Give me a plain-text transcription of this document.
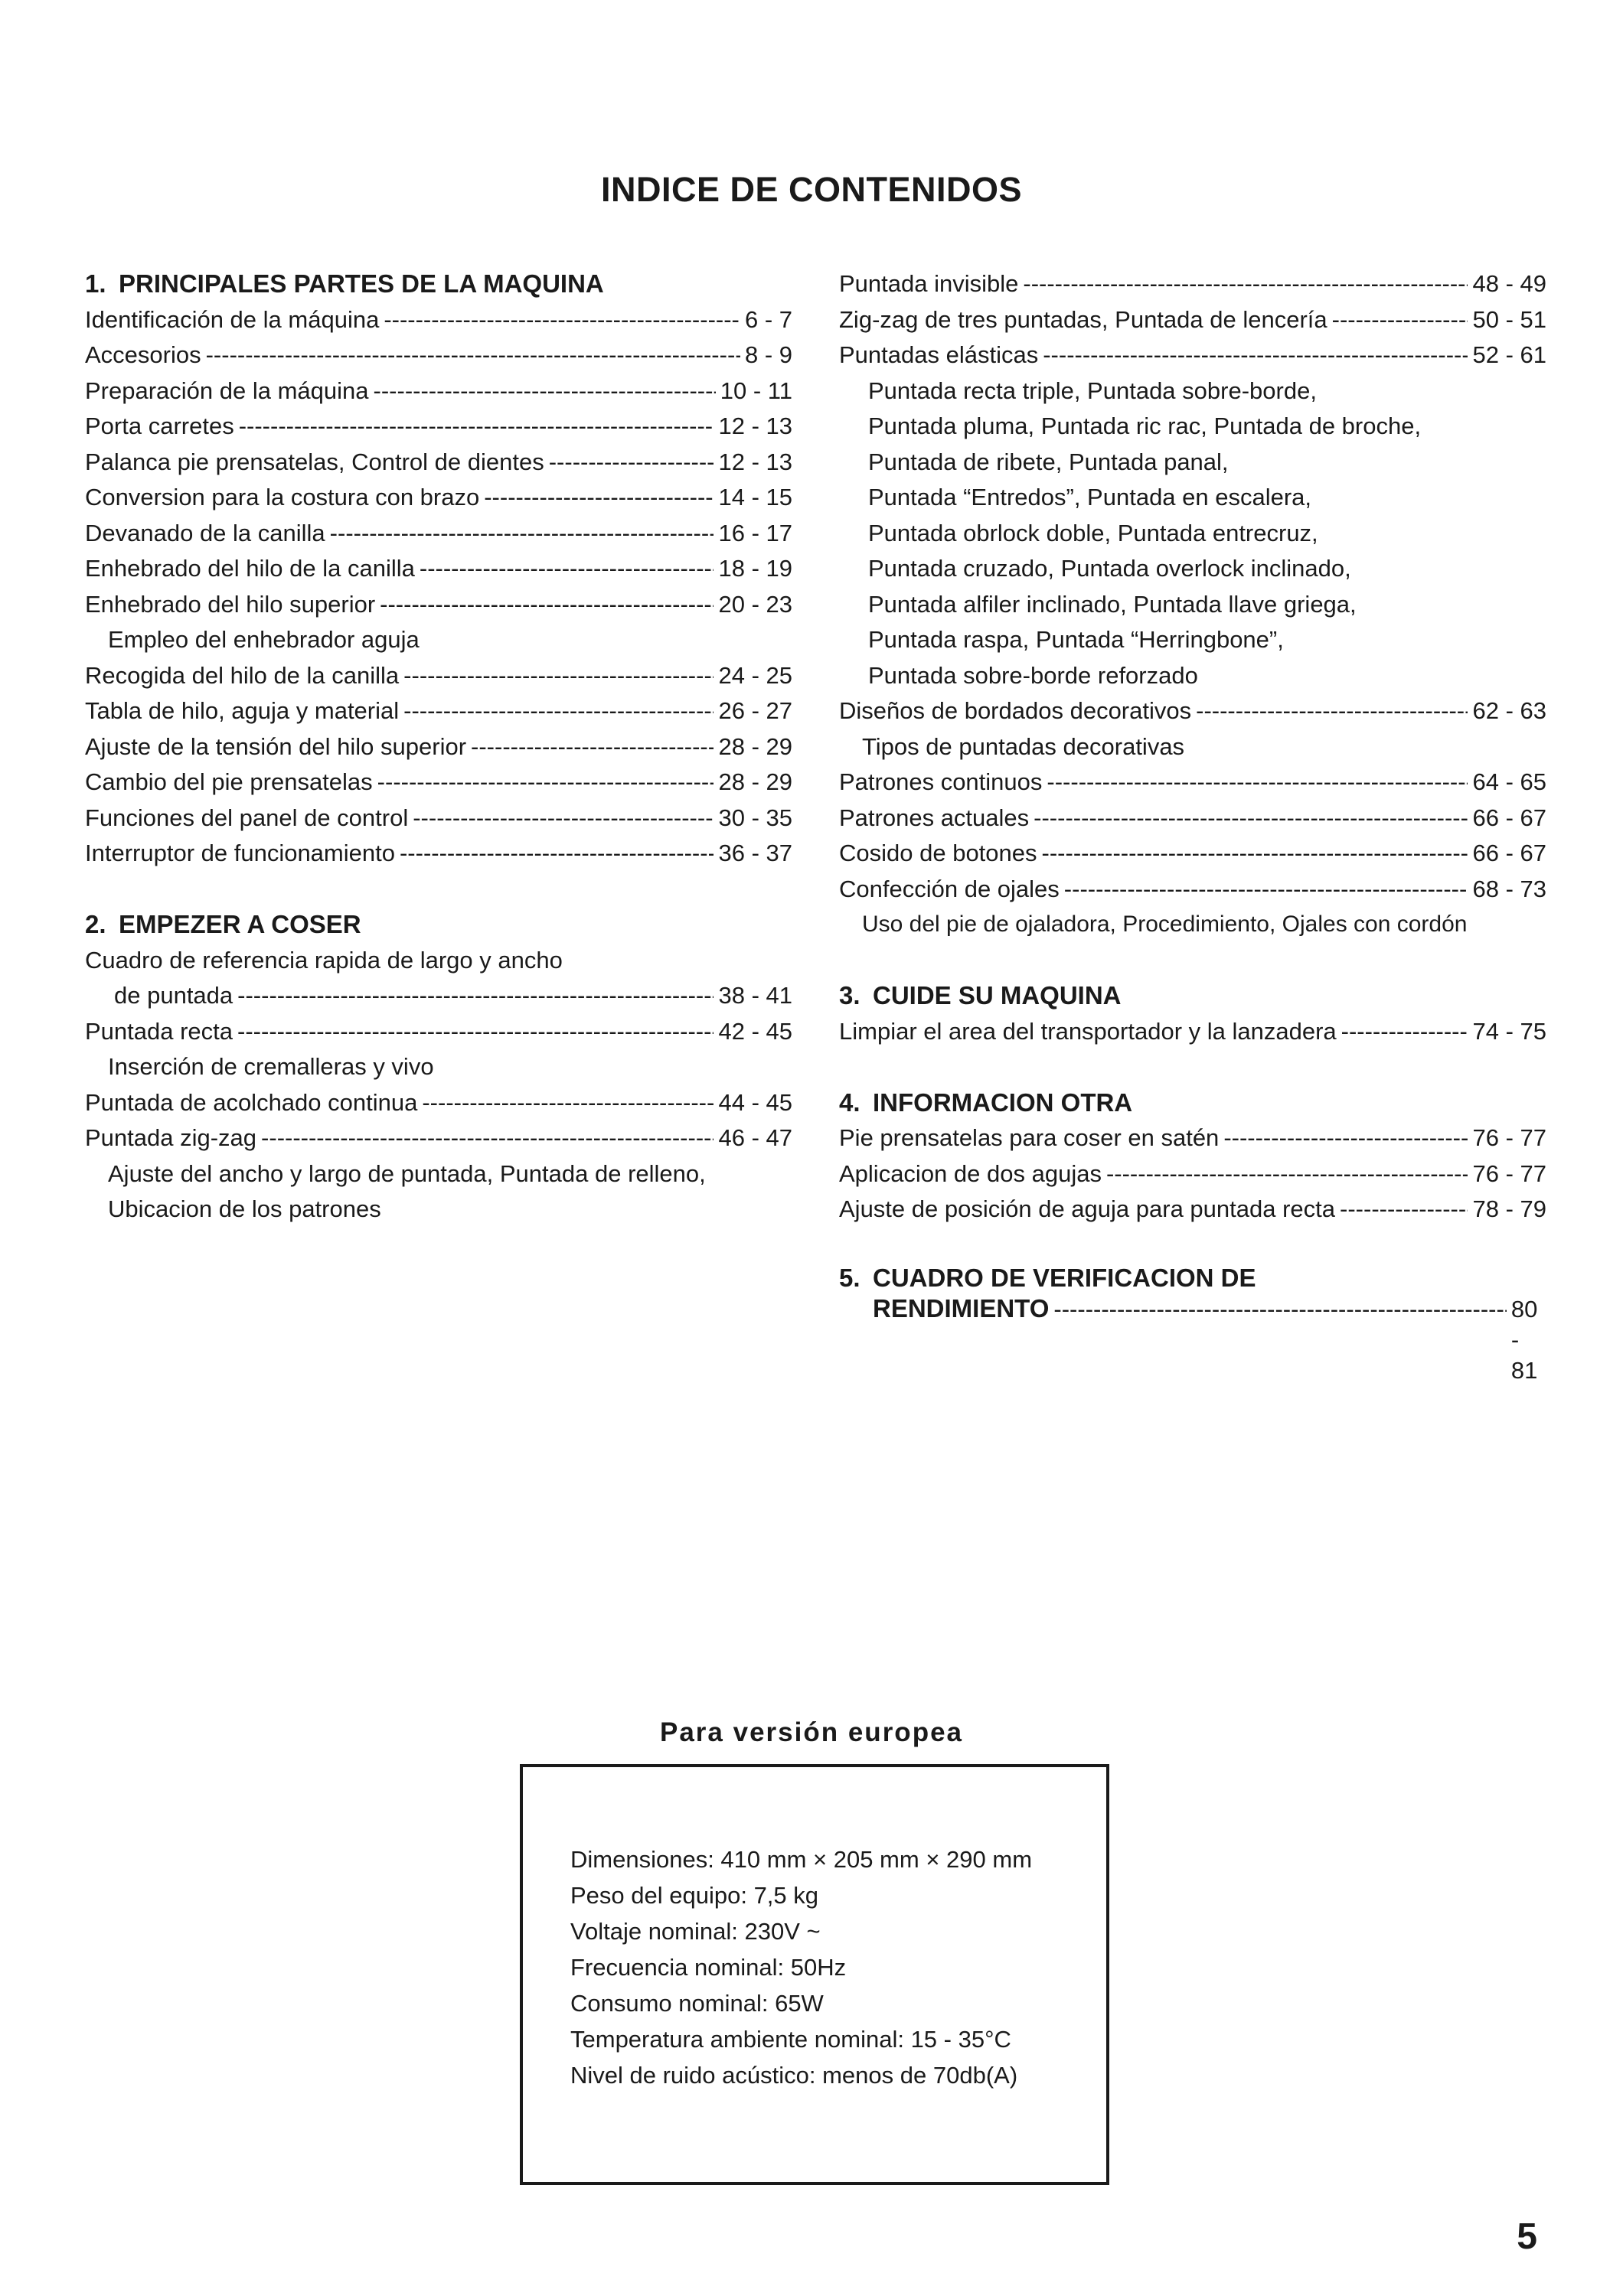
INDICE DE CONTENIDOS
1. PRINCIPALES PARTES DE LA MAQUINA
Identificación de la máquina -----	6 - 7
Accesorios -----	8 - 9
Preparación de la máquina -----	10 - 11
Porta carretes -----	12 - 13
Palanca pie prensatelas, Control de dientes -----	12 - 13
Conversion para la costura con brazo -----	14 - 15
Devanado de la canilla -----	16 - 17
Enhebrado del hilo de la canilla -----	18 - 19
Enhebrado del hilo superior -----	20 - 23
Empleo del enhebrador aguja
Recogida del hilo de la canilla -----	24 - 25
Tabla de hilo, aguja y material -----	26 - 27
Ajuste de la tensión del hilo superior -----	28 - 29
Cambio del pie prensatelas -----	28 - 29
Funciones del panel de control -----	30 - 35
Interruptor de funcionamiento -----	36 - 37
2. EMPEZER A COSER
Cuadro de referencia rapida de largo y ancho
de puntada -----	38 - 41
Puntada recta -----	42 - 45
Inserción de cremalleras y vivo
Puntada de acolchado continua -----	44 - 45
Puntada zig-zag -----	46 - 47
Ajuste del ancho y largo de puntada, Puntada de relleno,
Ubicacion de los patrones
Puntada invisible -----	48 - 49
Zig-zag de tres puntadas, Puntada de lencería -----	50 - 51
Puntadas elásticas -----	52 - 61
Puntada recta triple, Puntada sobre-borde,
Puntada pluma, Puntada ric rac, Puntada de broche,
Puntada de ribete, Puntada panal,
Puntada “Entredos”, Puntada en escalera,
Puntada obrlock doble, Puntada entrecruz,
Puntada cruzado, Puntada overlock inclinado,
Puntada alfiler inclinado, Puntada llave griega,
Puntada raspa, Puntada “Herringbone”,
Puntada sobre-borde reforzado
Diseños de bordados decorativos -----	62 - 63
Tipos de puntadas decorativas
Patrones continuos -----	64 - 65
Patrones actuales -----	66 - 67
Cosido de botones -----	66 - 67
Confección de ojales -----	68 - 73
Uso del pie de ojaladora, Procedimiento, Ojales con cordón
3. CUIDE SU MAQUINA
Limpiar el area del transportador y la lanzadera -----	74 - 75
4. INFORMACION OTRA
Pie prensatelas para coser en satén -----	76 - 77
Aplicacion de dos agujas -----	76 - 77
Ajuste de posición de aguja para puntada recta -----	78 - 79
5. CUADRO DE VERIFICACION DE
RENDIMIENTO -----	80 - 81
Para versión europea
Dimensiones: 410 mm × 205 mm × 290 mm
Peso del equipo: 7,5 kg
Voltaje nominal: 230V ~
Frecuencia nominal: 50Hz
Consumo nominal: 65W
Temperatura ambiente nominal: 15 - 35°C
Nivel de ruido acústico: menos de 70db(A)
5
